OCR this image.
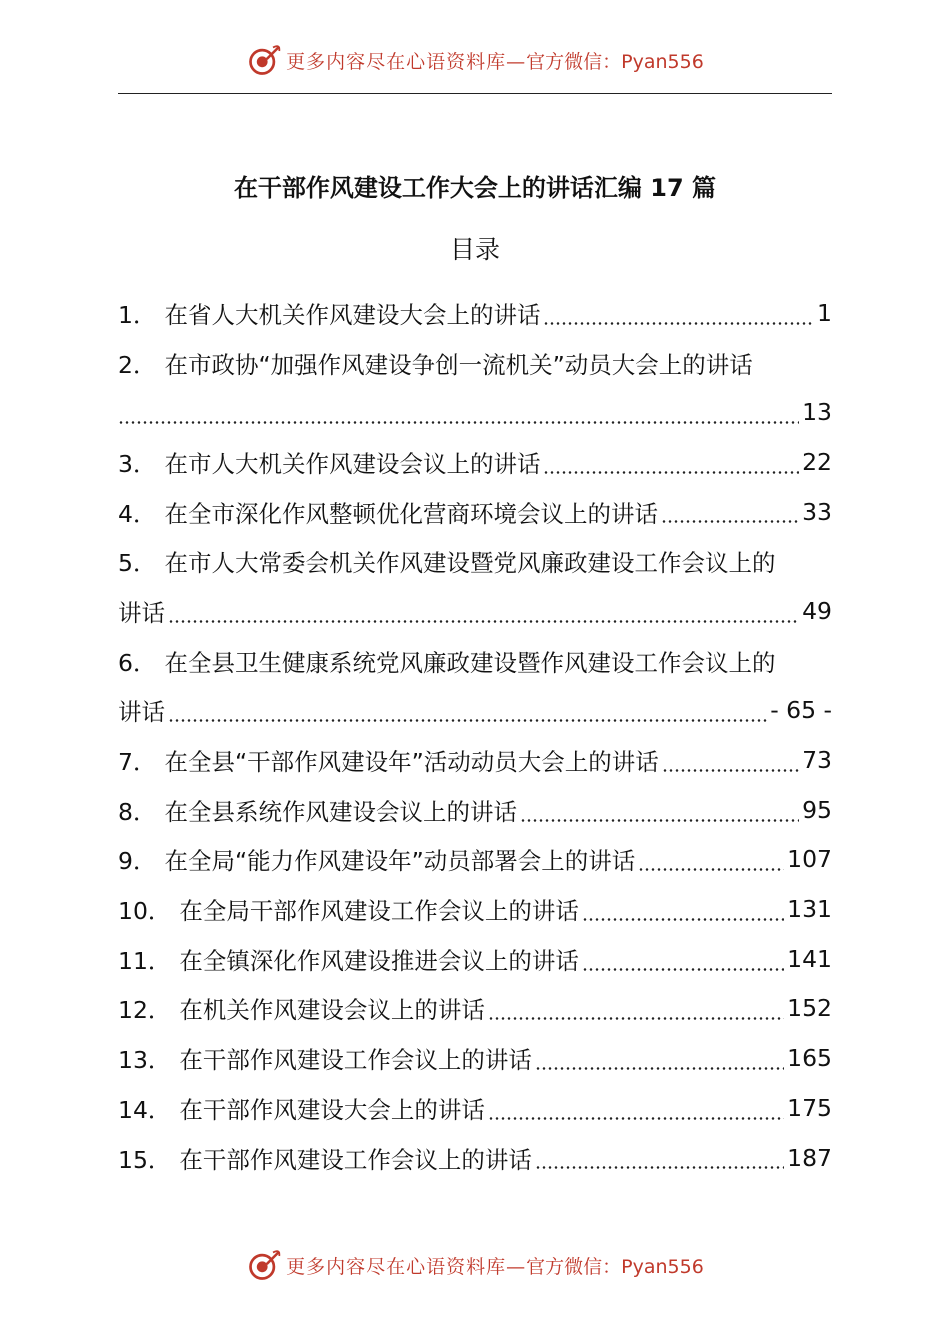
更多内容尽在心语资料库— 官方微信：Pyan556
在干部作风建设工作大会上的讲话汇编 17 篇
目录
1． 在省人大机关作风建设大会上的讲话	1
2． 在市政协“加强作风建设争创一流机关”动员大会上的讲话
13
3． 在市人大机关作风建设会议上的讲话	22
4． 在全市深化作风整顿优化营商环境会议上的讲话	33
5． 在市人大常委会机关作风建设暨党风廉政建设工作会议上的
讲话	49
6． 在全县卫生健康系统党风廉政建设暨作风建设工作会议上的
讲话	- 65 -
7． 在全县“干部作风建设年”活动动员大会上的讲话	73
8． 在全县系统作风建设会议上的讲话	95
9． 在全局“能力作风建设年”动员部署会上的讲话	107
10． 在全局干部作风建设工作会议上的讲话	131
11． 在全镇深化作风建设推进会议上的讲话	141
12． 在机关作风建设会议上的讲话	152
13． 在干部作风建设工作会议上的讲话	165
14． 在干部作风建设大会上的讲话	175
15． 在干部作风建设工作会议上的讲话	187
更多内容尽在心语资料库— 官方微信：Pyan556
